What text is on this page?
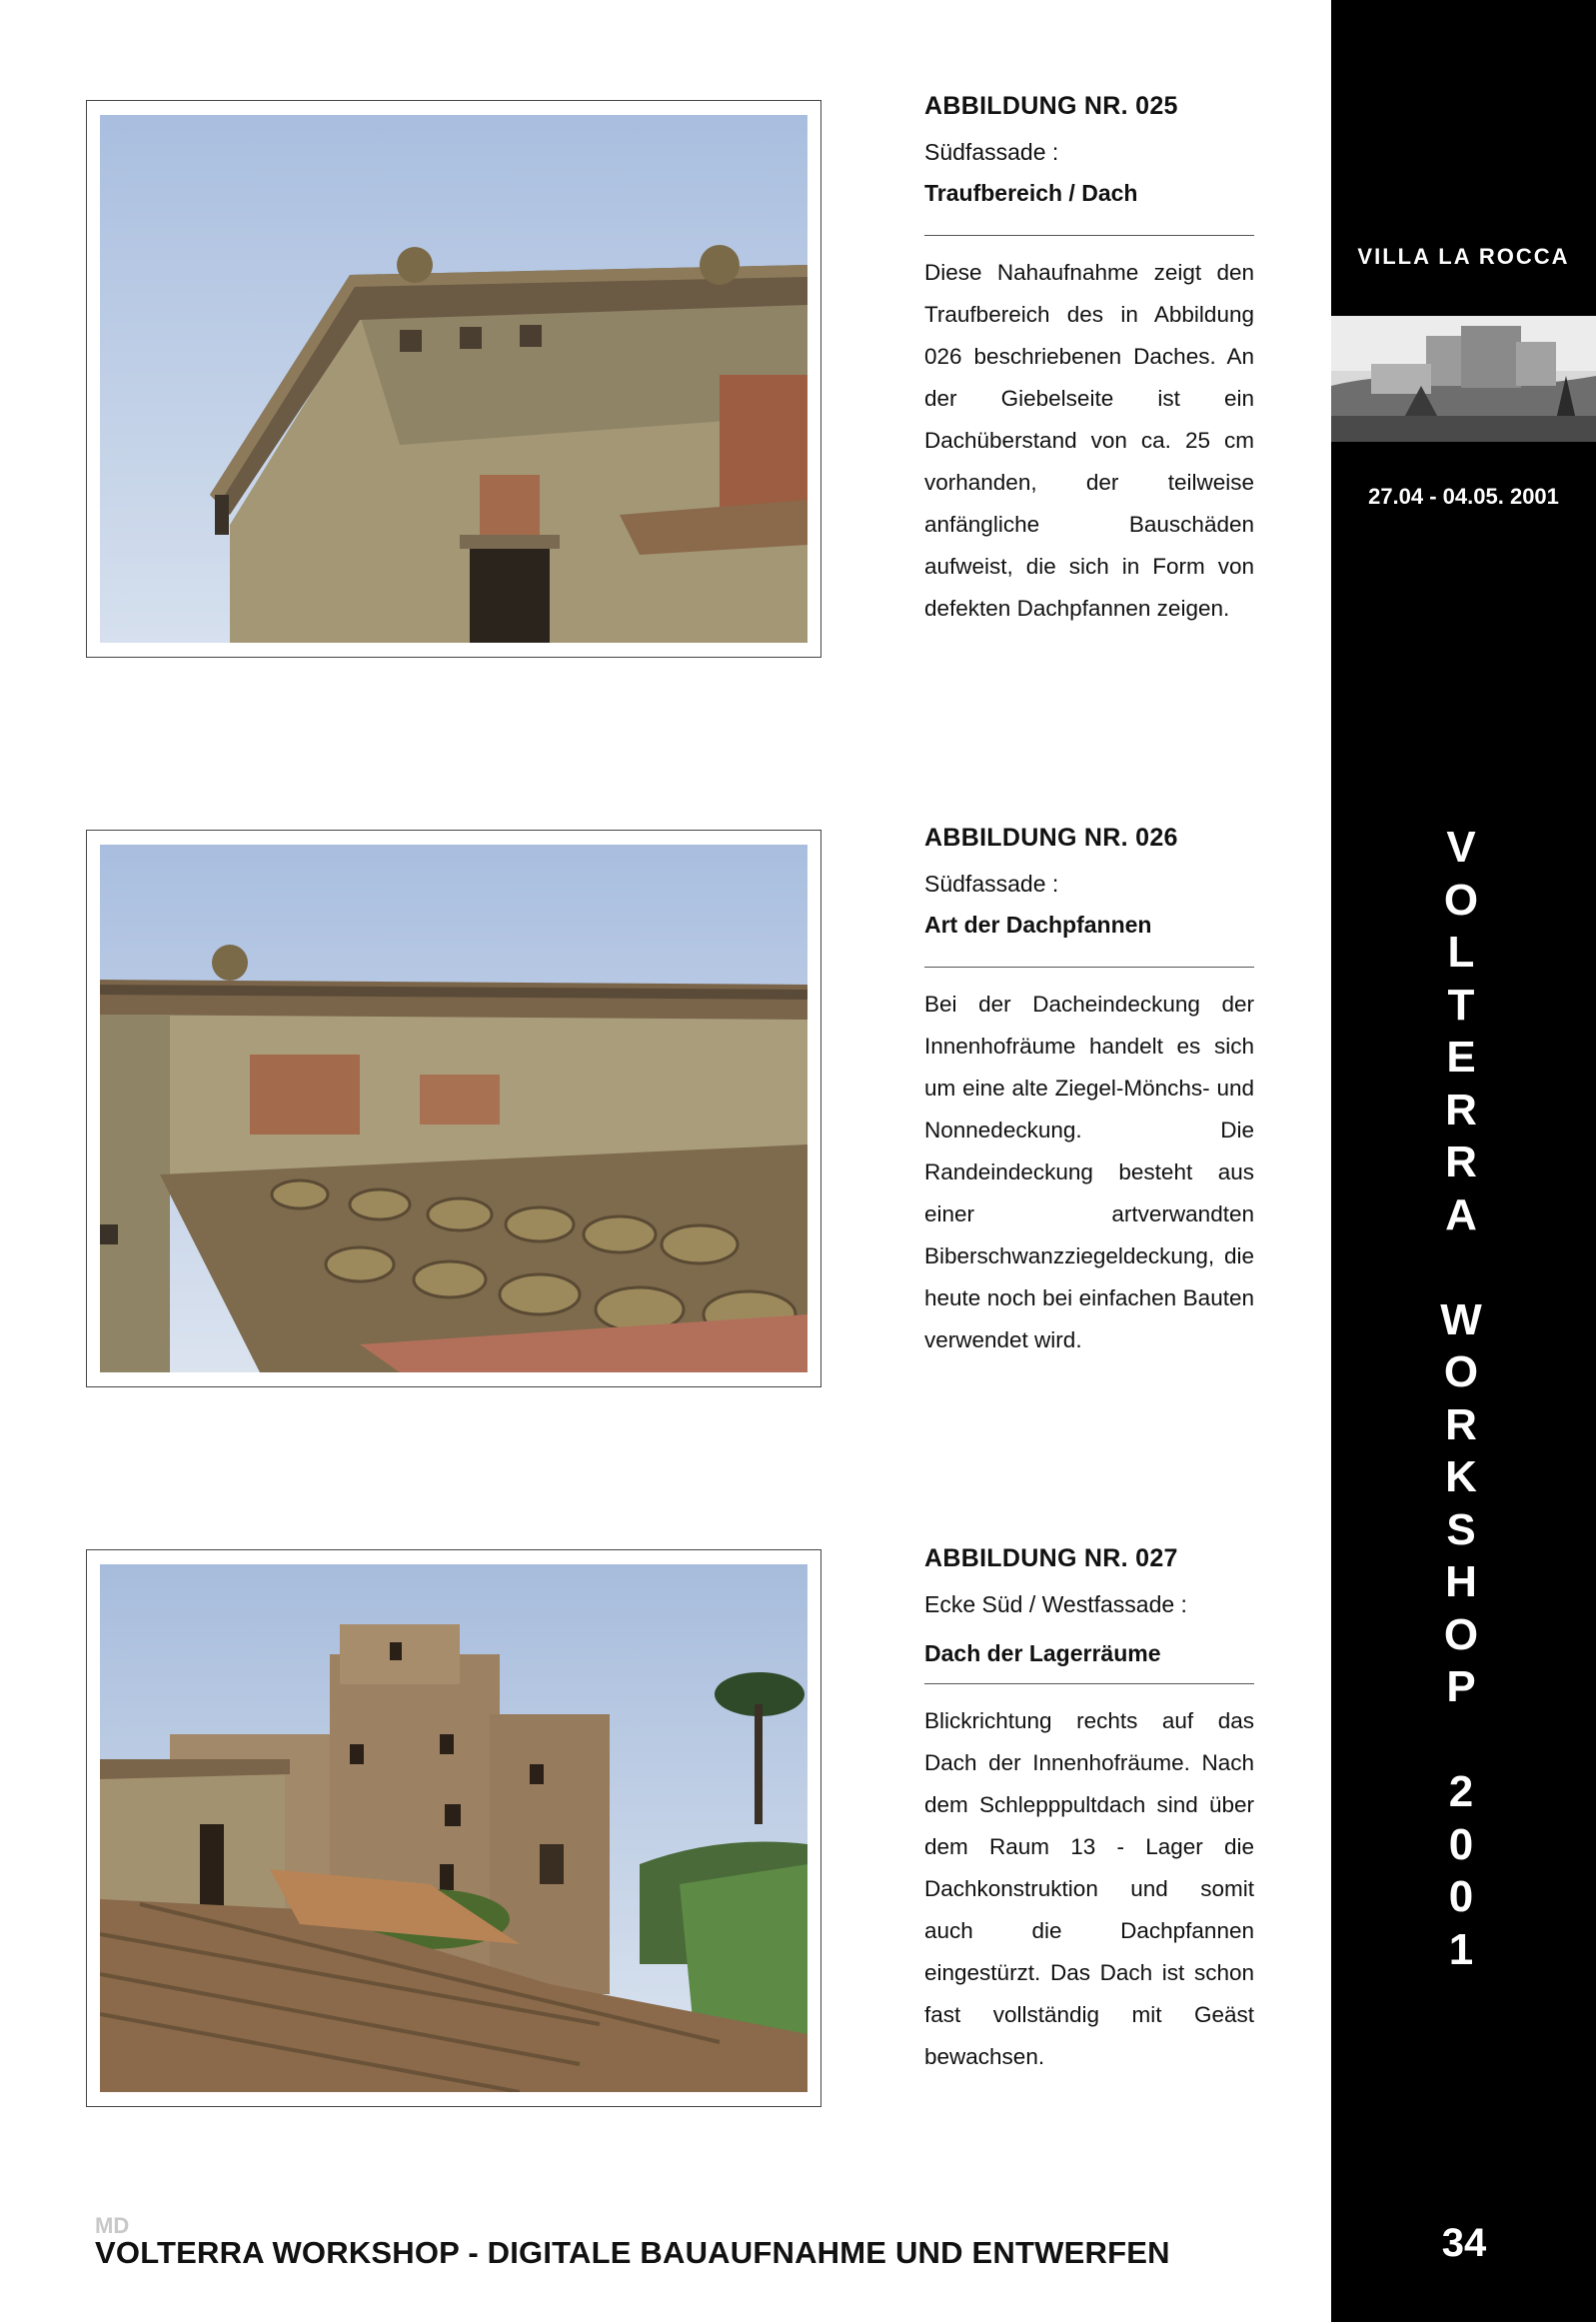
VILLA LA ROCCA
27.04 - 04.05. 2001
V
O
L
T
E
R
R
A
W
O
R
K
S
H
O
P
2
0
0
1
34
ABBILDUNG NR. 025
Südfassade :
Traufbereich / Dach
Diese Nahaufnahme zeigt den Traufbereich des in Abbildung 026 beschriebenen Daches. An der Giebelseite ist ein Dachüberstand von ca. 25 cm vorhanden, der teilweise anfängliche Bauschäden aufweist, die sich in Form von defekten Dachpfannen zeigen.
ABBILDUNG NR. 026
Südfassade :
Art der Dachpfannen
Bei der Dacheindeckung der Innenhofräume handelt es sich um eine alte Ziegel-Mönchs- und Nonnedeckung. Die Randeindeckung besteht aus einer artverwandten Biberschwanzziegeldeckung, die heute noch bei einfachen Bauten verwendet wird.
ABBILDUNG NR. 027
Ecke Süd / Westfassade :
Dach der Lagerräume
Blickrichtung rechts auf das Dach der Innenhofräume. Nach dem Schlepppultdach sind über dem Raum 13 - Lager die Dachkonstruktion und somit auch die Dachpfannen eingestürzt. Das Dach ist schon fast vollständig mit Geäst bewachsen.
MD
VOLTERRA WORKSHOP - DIGITALE BAUAUFNAHME UND ENTWERFEN
